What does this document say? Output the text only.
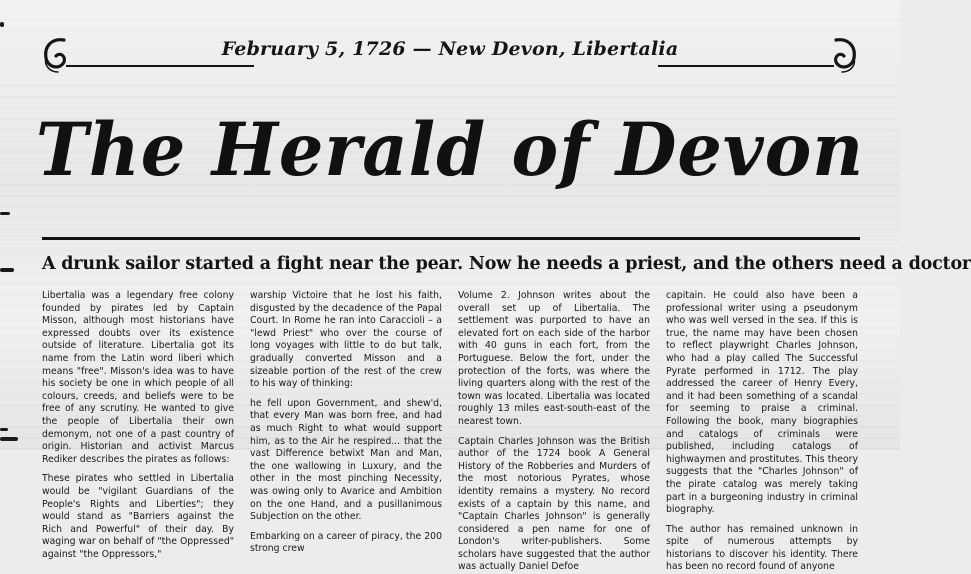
February 5, 1726 — New Devon, Libertalia
The Herald of Devon
A drunk sailor started a fight near the pear. Now he needs a priest, and the others need a doctor

Libertalia was a legendary free colony founded by pirates led by Captain Misson, although most historians have expressed doubts over its existence outside of literature. Libertalia got its name from the Latin word liberi which means "free". Misson's idea was to have his society be one in which people of all colours, creeds, and beliefs were to be free of any scrutiny. He wanted to give the people of Libertalia their own demonym, not one of a past country of origin. Historian and activist Marcus Rediker describes the pirates as follows:

These pirates who settled in Libertalia would be "vigilant Guardians of the People's Rights and Liberties"; they would stand as "Barriers against the Rich and Powerful" of their day. By waging war on behalf of "the Oppressed" against "the Oppressors,"

warship Victoire that he lost his faith, disgusted by the decadence of the Papal Court. In Rome he ran into Caraccioli – a "lewd Priest" who over the course of long voyages with little to do but talk, gradually converted Misson and a sizeable portion of the rest of the crew to his way of thinking:

he fell upon Government, and shew'd, that every Man was born free, and had as much Right to what would support him, as to the Air he respired... that the vast Difference betwixt Man and Man, the one wallowing in Luxury, and the other in the most pinching Necessity, was owing only to Avarice and Ambition on the one Hand, and a pusillanimous Subjection on the other.

Embarking on a career of piracy, the 200 strong crew

Volume 2. Johnson writes about the overall set up of Libertalia. The settlement was purported to have an elevated fort on each side of the harbor with 40 guns in each fort, from the Portuguese. Below the fort, under the protection of the forts, was where the living quarters along with the rest of the town was located. Libertalia was located roughly 13 miles east-south-east of the nearest town.

Captain Charles Johnson was the British author of the 1724 book A General History of the Robberies and Murders of the most notorious Pyrates, whose identity remains a mystery. No record exists of a captain by this name, and "Captain Charles Johnson" is generally considered a pen name for one of London's writer-publishers. Some scholars have suggested that the author was actually Daniel Defoe

capitain. He could also have been a professional writer using a pseudonym who was well versed in the sea. If this is true, the name may have been chosen to reflect playwright Charles Johnson, who had a play called The Successful Pyrate performed in 1712. The play addressed the career of Henry Every, and it had been something of a scandal for seeming to praise a criminal. Following the book, many biographies and catalogs of criminals were published, including catalogs of highwaymen and prostitutes. This theory suggests that the "Charles Johnson" of the pirate catalog was merely taking part in a burgeoning industry in criminal biography.

The author has remained unknown in spite of numerous attempts by historians to discover his identity. There has been no record found of anyone
